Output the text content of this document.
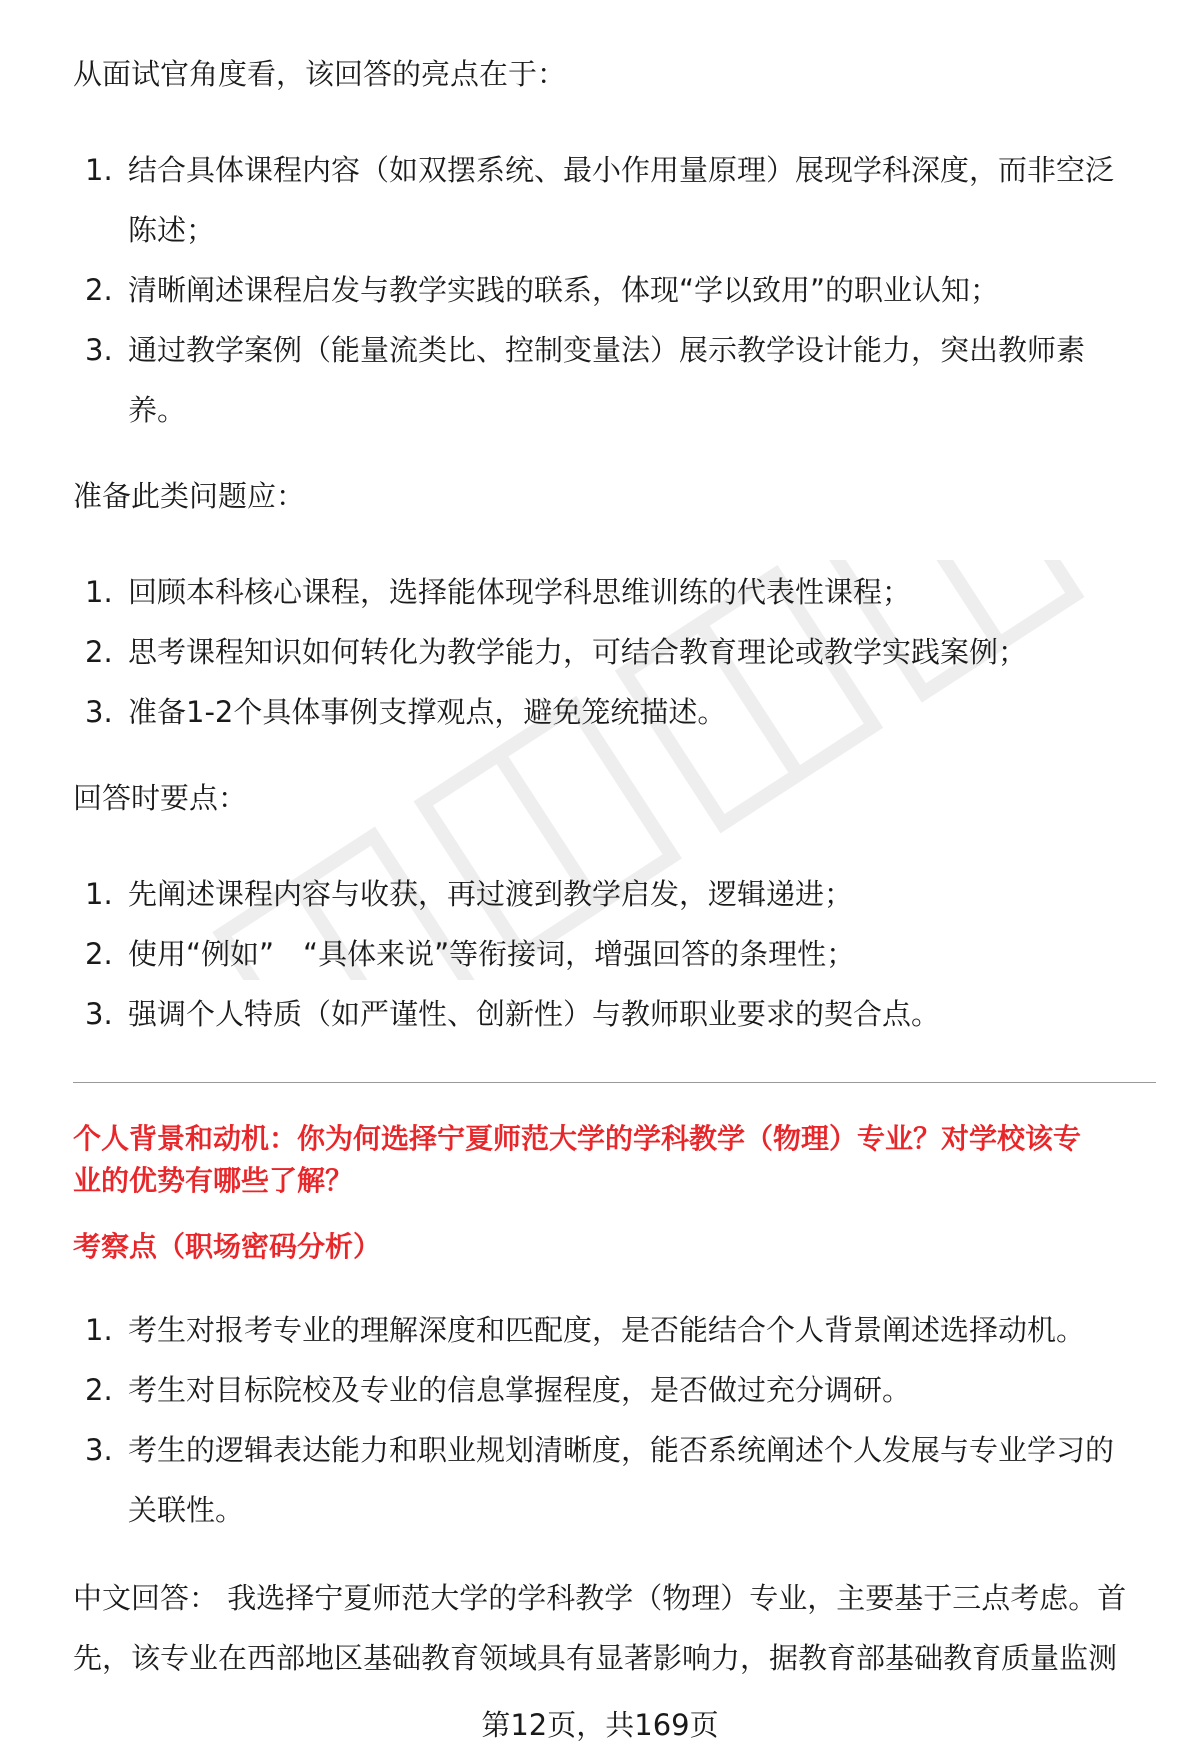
从面试官角度看，该回答的亮点在于：

1. 结合具体课程内容（如双摆系统、最小作用量原理）展现学科深度，而非空泛
陈述；
2. 清晰阐述课程启发与教学实践的联系，体现“学以致用”的职业认知；
3. 通过教学案例（能量流类比、控制变量法）展示教学设计能力，突出教师素
养。

准备此类问题应：

1. 回顾本科核心课程，选择能体现学科思维训练的代表性课程；
2. 思考课程知识如何转化为教学能力，可结合教育理论或教学实践案例；
3. 准备1-2个具体事例支撑观点，避免笼统描述。

回答时要点：

1. 先阐述课程内容与收获，再过渡到教学启发，逻辑递进；
2. 使用“例如”　“具体来说”等衔接词，增强回答的条理性；
3. 强调个人特质（如严谨性、创新性）与教师职业要求的契合点。

个人背景和动机：你为何选择宁夏师范大学的学科教学（物理）专业？对学校该专
业的优势有哪些了解？

考察点（职场密码分析）

1. 考生对报考专业的理解深度和匹配度，是否能结合个人背景阐述选择动机。
2. 考生对目标院校及专业的信息掌握程度，是否做过充分调研。
3. 考生的逻辑表达能力和职业规划清晰度，能否系统阐述个人发展与专业学习的
关联性。
中文回答： 我选择宁夏师范大学的学科教学（物理）专业，主要基于三点考虑。首
先，该专业在西部地区基础教育领域具有显著影响力，据教育部基础教育质量监测

第12页，共169页
